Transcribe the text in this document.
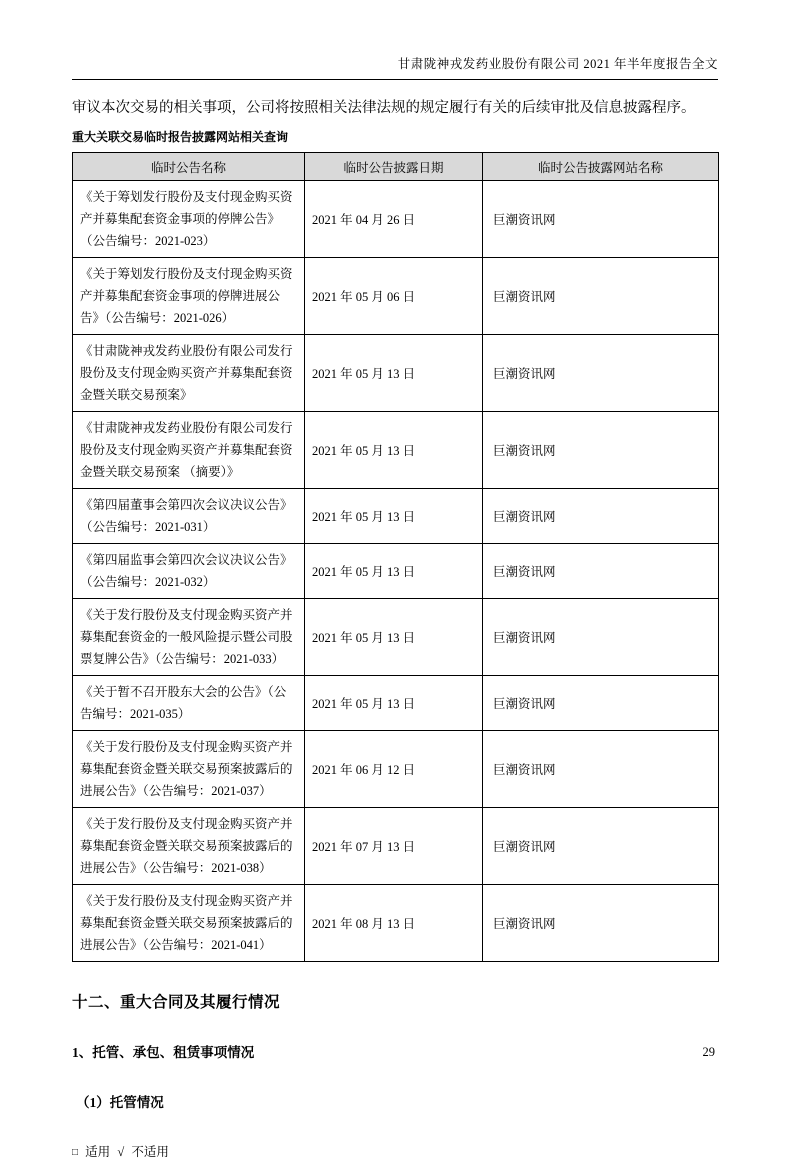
甘肃陇神戎发药业股份有限公司 2021 年半年度报告全文
审议本次交易的相关事项，公司将按照相关法律法规的规定履行有关的后续审批及信息披露程序。
重大关联交易临时报告披露网站相关查询
临时公告名称	临时公告披露日期	临时公告披露网站名称
《关于筹划发行股份及支付现金购买资产并募集配套资金事项的停牌公告》（公告编号：2021-023）	2021 年 04 月 26 日	巨潮资讯网
《关于筹划发行股份及支付现金购买资产并募集配套资金事项的停牌进展公告》（公告编号：2021-026）	2021 年 05 月 06 日	巨潮资讯网
《甘肃陇神戎发药业股份有限公司发行股份及支付现金购买资产并募集配套资金暨关联交易预案》	2021 年 05 月 13 日	巨潮资讯网
《甘肃陇神戎发药业股份有限公司发行股份及支付现金购买资产并募集配套资金暨关联交易预案 （摘要）》	2021 年 05 月 13 日	巨潮资讯网
《第四届董事会第四次会议决议公告》（公告编号：2021-031）	2021 年 05 月 13 日	巨潮资讯网
《第四届监事会第四次会议决议公告》（公告编号：2021-032）	2021 年 05 月 13 日	巨潮资讯网
《关于发行股份及支付现金购买资产并募集配套资金的一般风险提示暨公司股票复牌公告》（公告编号：2021-033）	2021 年 05 月 13 日	巨潮资讯网
《关于暂不召开股东大会的公告》（公告编号：2021-035）	2021 年 05 月 13 日	巨潮资讯网
《关于发行股份及支付现金购买资产并募集配套资金暨关联交易预案披露后的进展公告》（公告编号：2021-037）	2021 年 06 月 12 日	巨潮资讯网
《关于发行股份及支付现金购买资产并募集配套资金暨关联交易预案披露后的进展公告》（公告编号：2021-038）	2021 年 07 月 13 日	巨潮资讯网
《关于发行股份及支付现金购买资产并募集配套资金暨关联交易预案披露后的进展公告》（公告编号：2021-041）	2021 年 08 月 13 日	巨潮资讯网
十二、重大合同及其履行情况
1、托管、承包、租赁事项情况
（1）托管情况
□ 适用 √ 不适用
29
